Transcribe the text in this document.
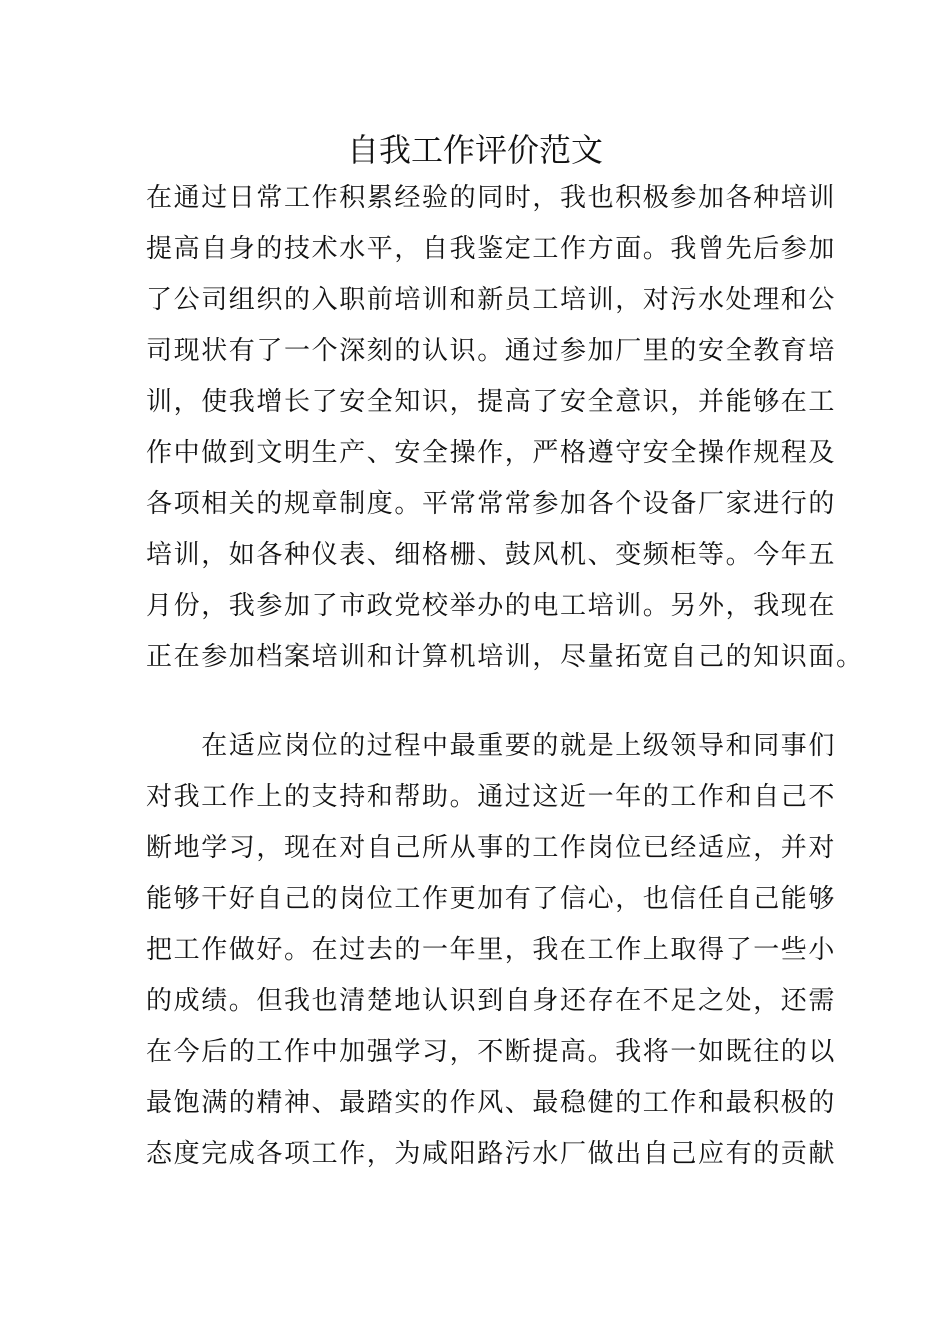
自我工作评价范文
在通过日常工作积累经验的同时，我也积极参加各种培训
提高自身的技术水平，自我鉴定工作方面。我曾先后参加
了公司组织的入职前培训和新员工培训，对污水处理和公
司现状有了一个深刻的认识。通过参加厂里的安全教育培
训，使我增长了安全知识，提高了安全意识，并能够在工
作中做到文明生产、安全操作，严格遵守安全操作规程及
各项相关的规章制度。平常常常参加各个设备厂家进行的
培训，如各种仪表、细格栅、鼓风机、变频柜等。今年五
月份，我参加了市政党校举办的电工培训。另外，我现在
正在参加档案培训和计算机培训，尽量拓宽自己的知识面。
　　在适应岗位的过程中最重要的就是上级领导和同事们
对我工作上的支持和帮助。通过这近一年的工作和自己不
断地学习，现在对自己所从事的工作岗位已经适应，并对
能够干好自己的岗位工作更加有了信心，也信任自己能够
把工作做好。在过去的一年里，我在工作上取得了一些小
的成绩。但我也清楚地认识到自身还存在不足之处，还需
在今后的工作中加强学习，不断提高。我将一如既往的以
最饱满的精神、最踏实的作风、最稳健的工作和最积极的
态度完成各项工作，为咸阳路污水厂做出自己应有的贡献
